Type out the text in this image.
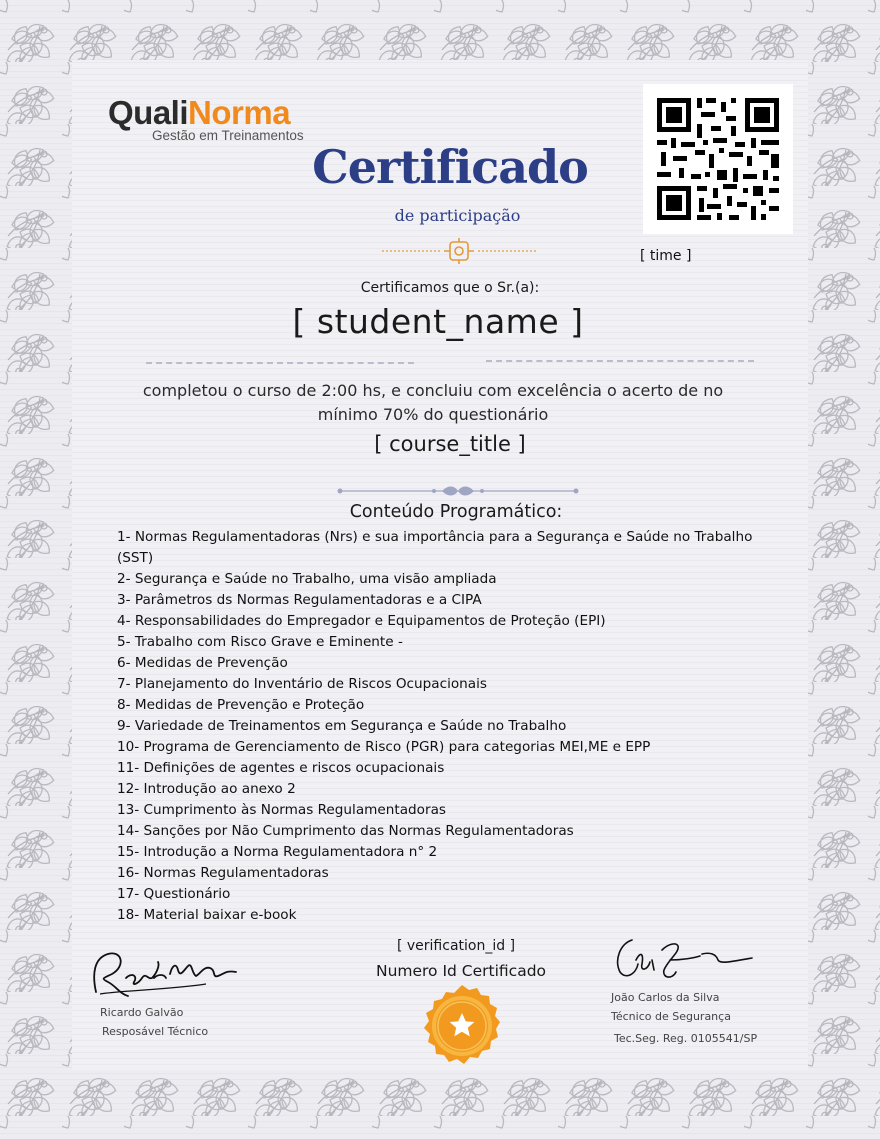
QualiNorma
Gestão em Treinamentos
Certificado
de participação
[ time ]
Certificamos que o Sr.(a):
[ student_name ]
completou o curso de 2:00 hs, e concluiu com excelência o acerto de no mínimo 70% do questionário
[ course_title ]
Conteúdo Programático:
1- Normas Regulamentadoras (Nrs) e sua importância para a Segurança e Saúde no Trabalho (SST)
2- Segurança e Saúde no Trabalho, uma visão ampliada
3- Parâmetros ds Normas Regulamentadoras e a CIPA
4- Responsabilidades do Empregador e Equipamentos de Proteção (EPI)
5- Trabalho com Risco Grave e Eminente -
6- Medidas de Prevenção
7- Planejamento do Inventário de Riscos Ocupacionais
8- Medidas de Prevenção e Proteção
9- Variedade de Treinamentos em Segurança e Saúde no Trabalho
10- Programa de Gerenciamento de Risco (PGR) para categorias MEI,ME e EPP
11- Definições de agentes e riscos ocupacionais
12- Introdução ao anexo 2
13- Cumprimento às Normas Regulamentadoras
14- Sanções por Não Cumprimento das Normas Regulamentadoras
15- Introdução a Norma Regulamentadora n° 2
16- Normas Regulamentadoras
17- Questionário
18- Material baixar e-book
[ verification_id ]
Numero Id Certificado
Ricardo Galvão
Resposável Técnico
João Carlos da Silva
Técnico de Segurança
Tec.Seg. Reg. 0105541/SP
